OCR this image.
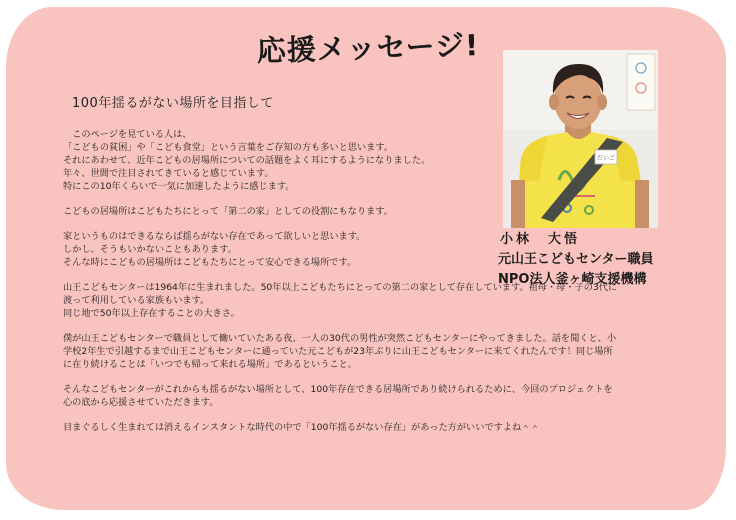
応援メッセージ!
100年揺るがない場所を目指して
　このページを見ている人は、
「こどもの貧困」や「こども食堂」という言葉をご存知の方も多いと思います。
それにあわせて、近年こどもの居場所についての話題をよく耳にするようになりました。
年々、世間で注目されてきていると感じています。
特にこの10年くらいで一気に加速したように感じます。
こどもの居場所はこどもたちにとって「第二の家」としての役割にもなります。
家というものはできるならば揺らがない存在であって欲しいと思います。
しかし、そうもいかないこともあります。
そんな時にこどもの居場所はこどもたちにとって安心できる場所です。
山王こどもセンターは1964年に生まれました。50年以上こどもたちにとっての第二の家として存在しています。祖母・母・子の3代に
渡って利用している家族もいます。
同じ地で50年以上存在することの大きさ。
僕が山王こどもセンターで職員として働いていたある夜、一人の30代の男性が突然こどもセンターにやってきました。話を聞くと、小
学校2年生で引越するまで山王こどもセンターに通っていた元こどもが23年ぶりに山王こどもセンターに来てくれたんです！同じ場所
に在り続けることは「いつでも帰って来れる場所」であるということ。
そんなこどもセンターがこれからも揺るがない場所として、100年存在できる居場所であり続けられるために、今回のプロジェクトを
心の底から応援させていただきます。
目まぐるしく生まれては消えるインスタントな時代の中で「100年揺るがない存在」があった方がいいですよね＾＾
だいご
小林　大悟
元山王こどもセンター職員
NPO法人釜ヶ崎支援機構
